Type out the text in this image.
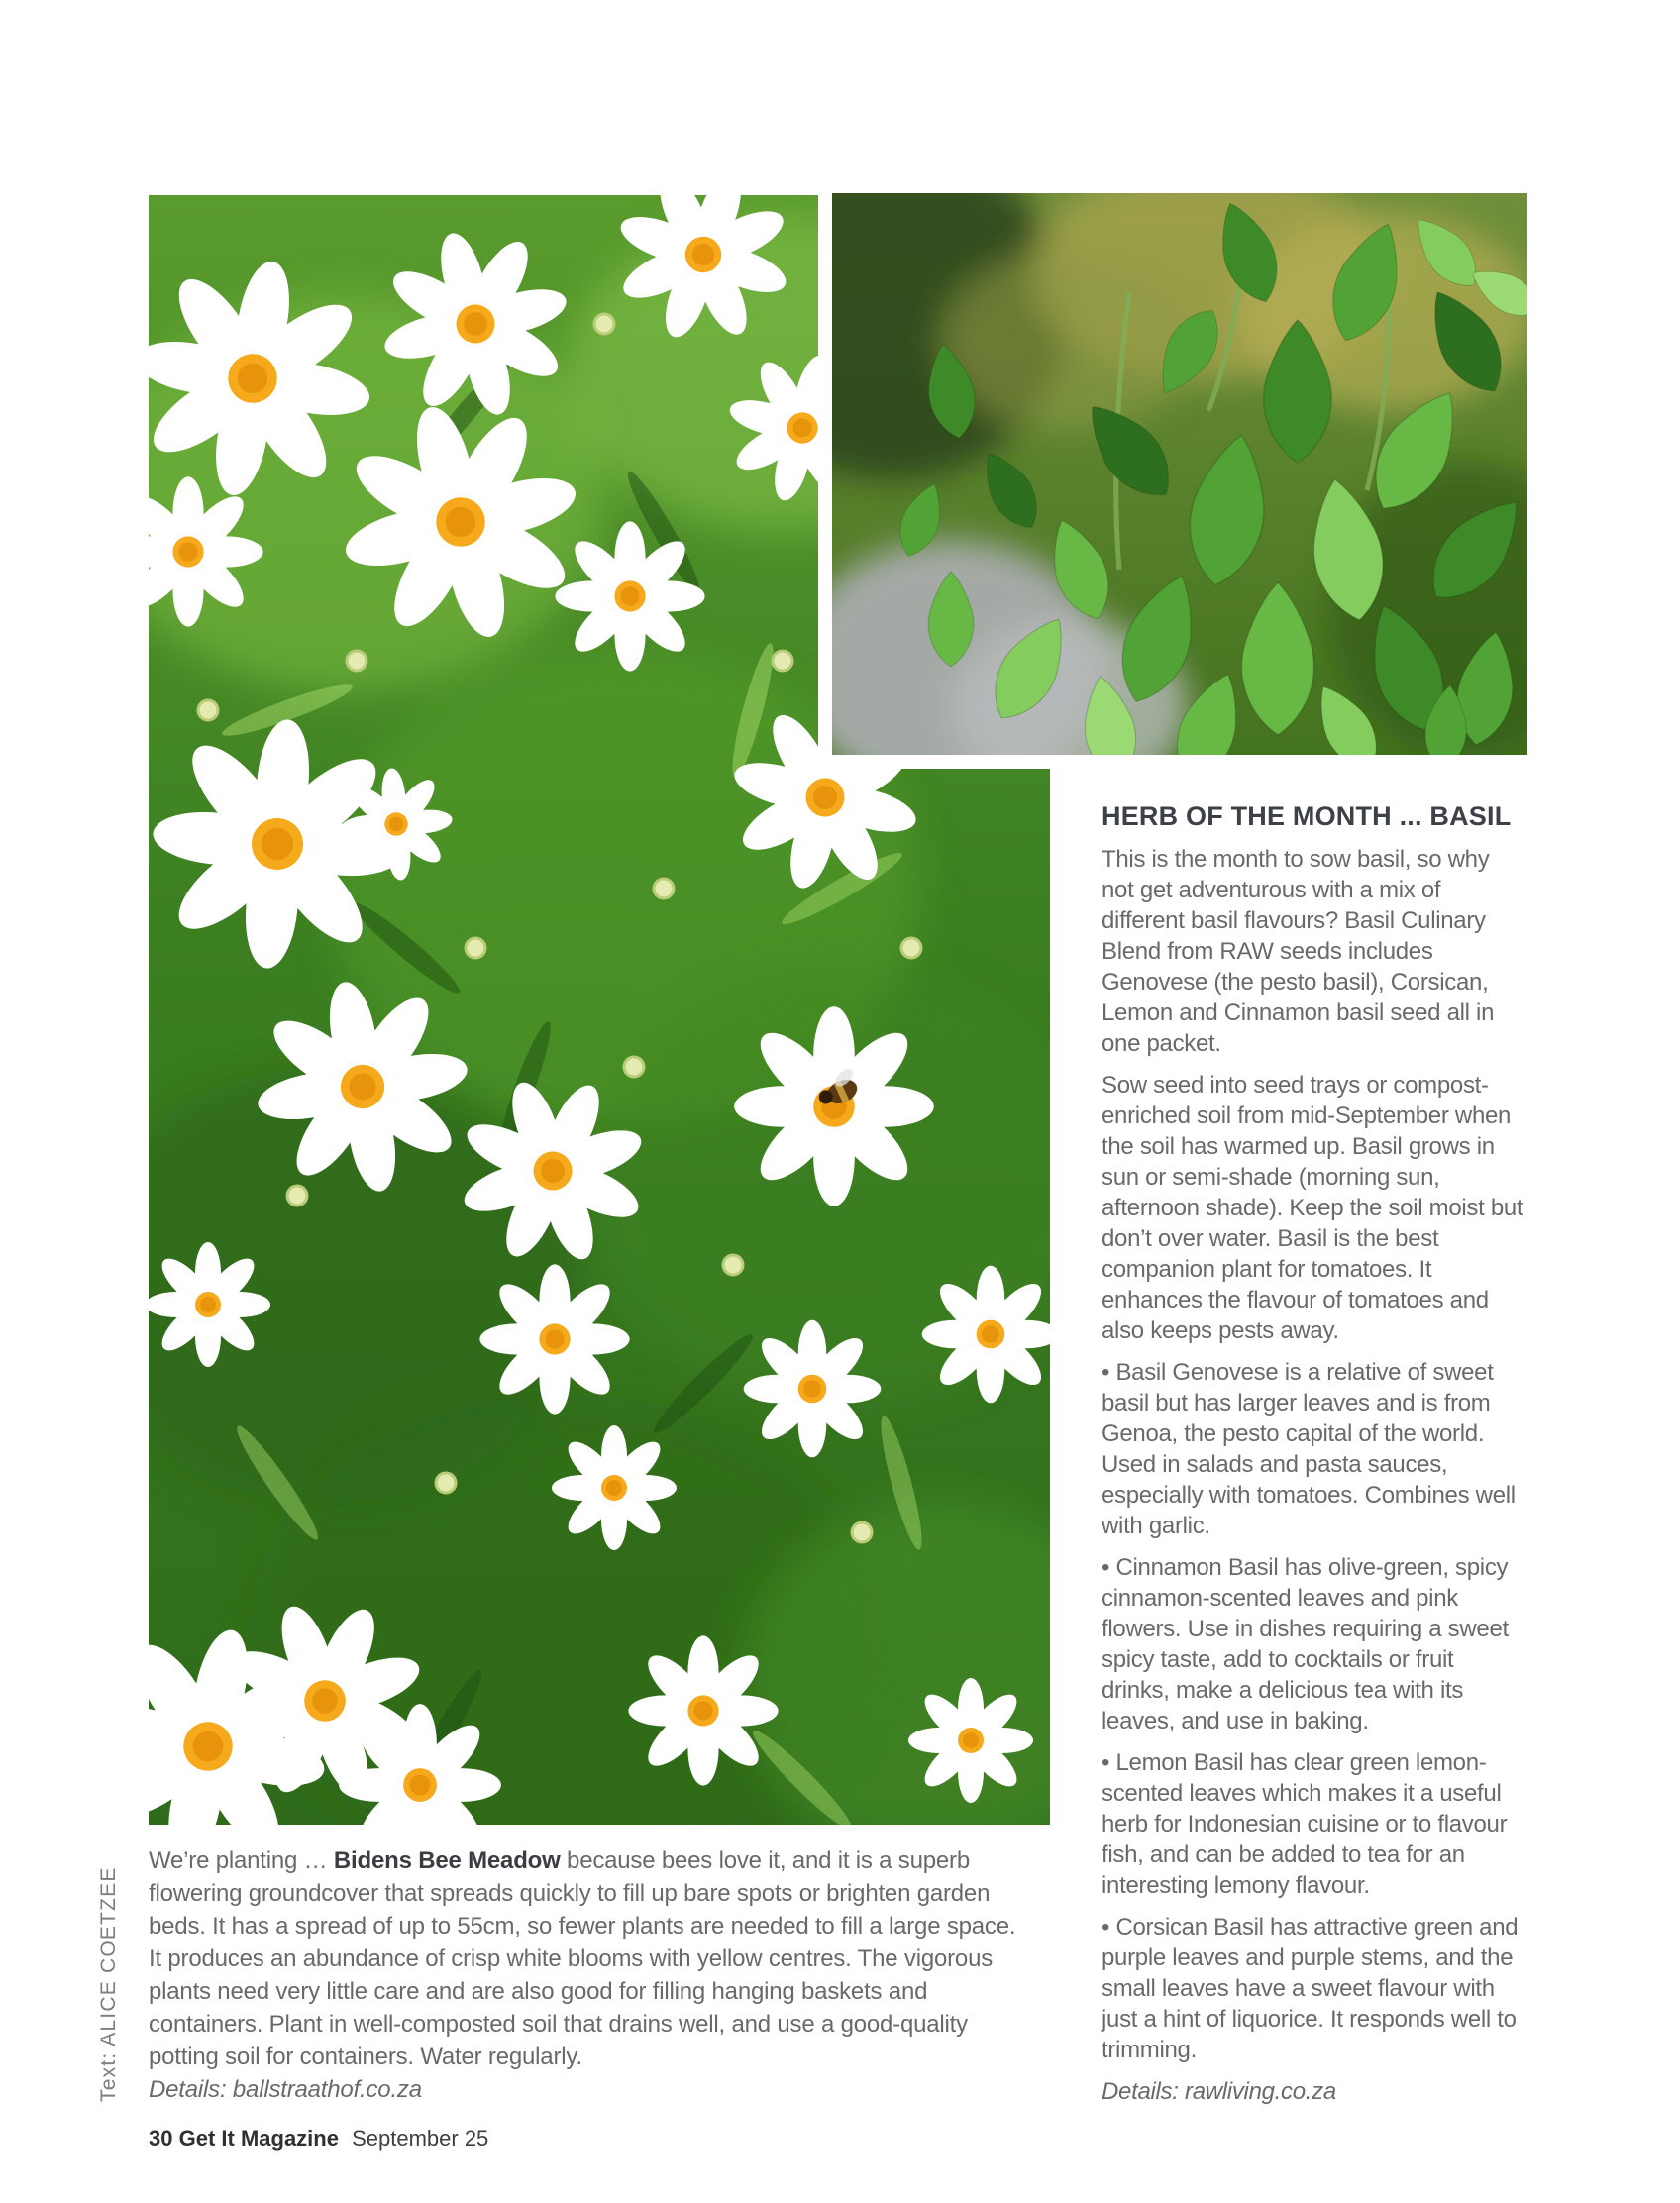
HERB OF THE MONTH ... BASIL

This is the month to sow basil, so why not get adventurous with a mix of different basil flavours? Basil Culinary Blend from RAW seeds includes Genovese (the pesto basil), Corsican, Lemon and Cinnamon basil seed all in one packet.

Sow seed into seed trays or compost-enriched soil from mid-September when the soil has warmed up. Basil grows in sun or semi-shade (morning sun, afternoon shade). Keep the soil moist but don’t over water. Basil is the best companion plant for tomatoes. It enhances the flavour of tomatoes and also keeps pests away.

• Basil Genovese is a relative of sweet basil but has larger leaves and is from Genoa, the pesto capital of the world. Used in salads and pasta sauces, especially with tomatoes. Combines well with garlic.

• Cinnamon Basil has olive-green, spicy cinnamon-scented leaves and pink flowers. Use in dishes requiring a sweet spicy taste, add to cocktails or fruit drinks, make a delicious tea with its leaves, and use in baking.

• Lemon Basil has clear green lemon-scented leaves which makes it a useful herb for Indonesian cuisine or to flavour fish, and can be added to tea for an interesting lemony flavour.

• Corsican Basil has attractive green and purple leaves and purple stems, and the small leaves have a sweet flavour with just a hint of liquorice. It responds well to trimming.

Details: rawliving.co.za

We’re planting … Bidens Bee Meadow because bees love it, and it is a superb flowering groundcover that spreads quickly to fill up bare spots or brighten garden beds. It has a spread of up to 55cm, so fewer plants are needed to fill a large space. It produces an abundance of crisp white blooms with yellow centres. The vigorous plants need very little care and are also good for filling hanging baskets and containers. Plant in well-composted soil that drains well, and use a good-quality potting soil for containers. Water regularly.

Details: ballstraathof.co.za

Text: ALICE COETZEE
30 Get It Magazine September 25
